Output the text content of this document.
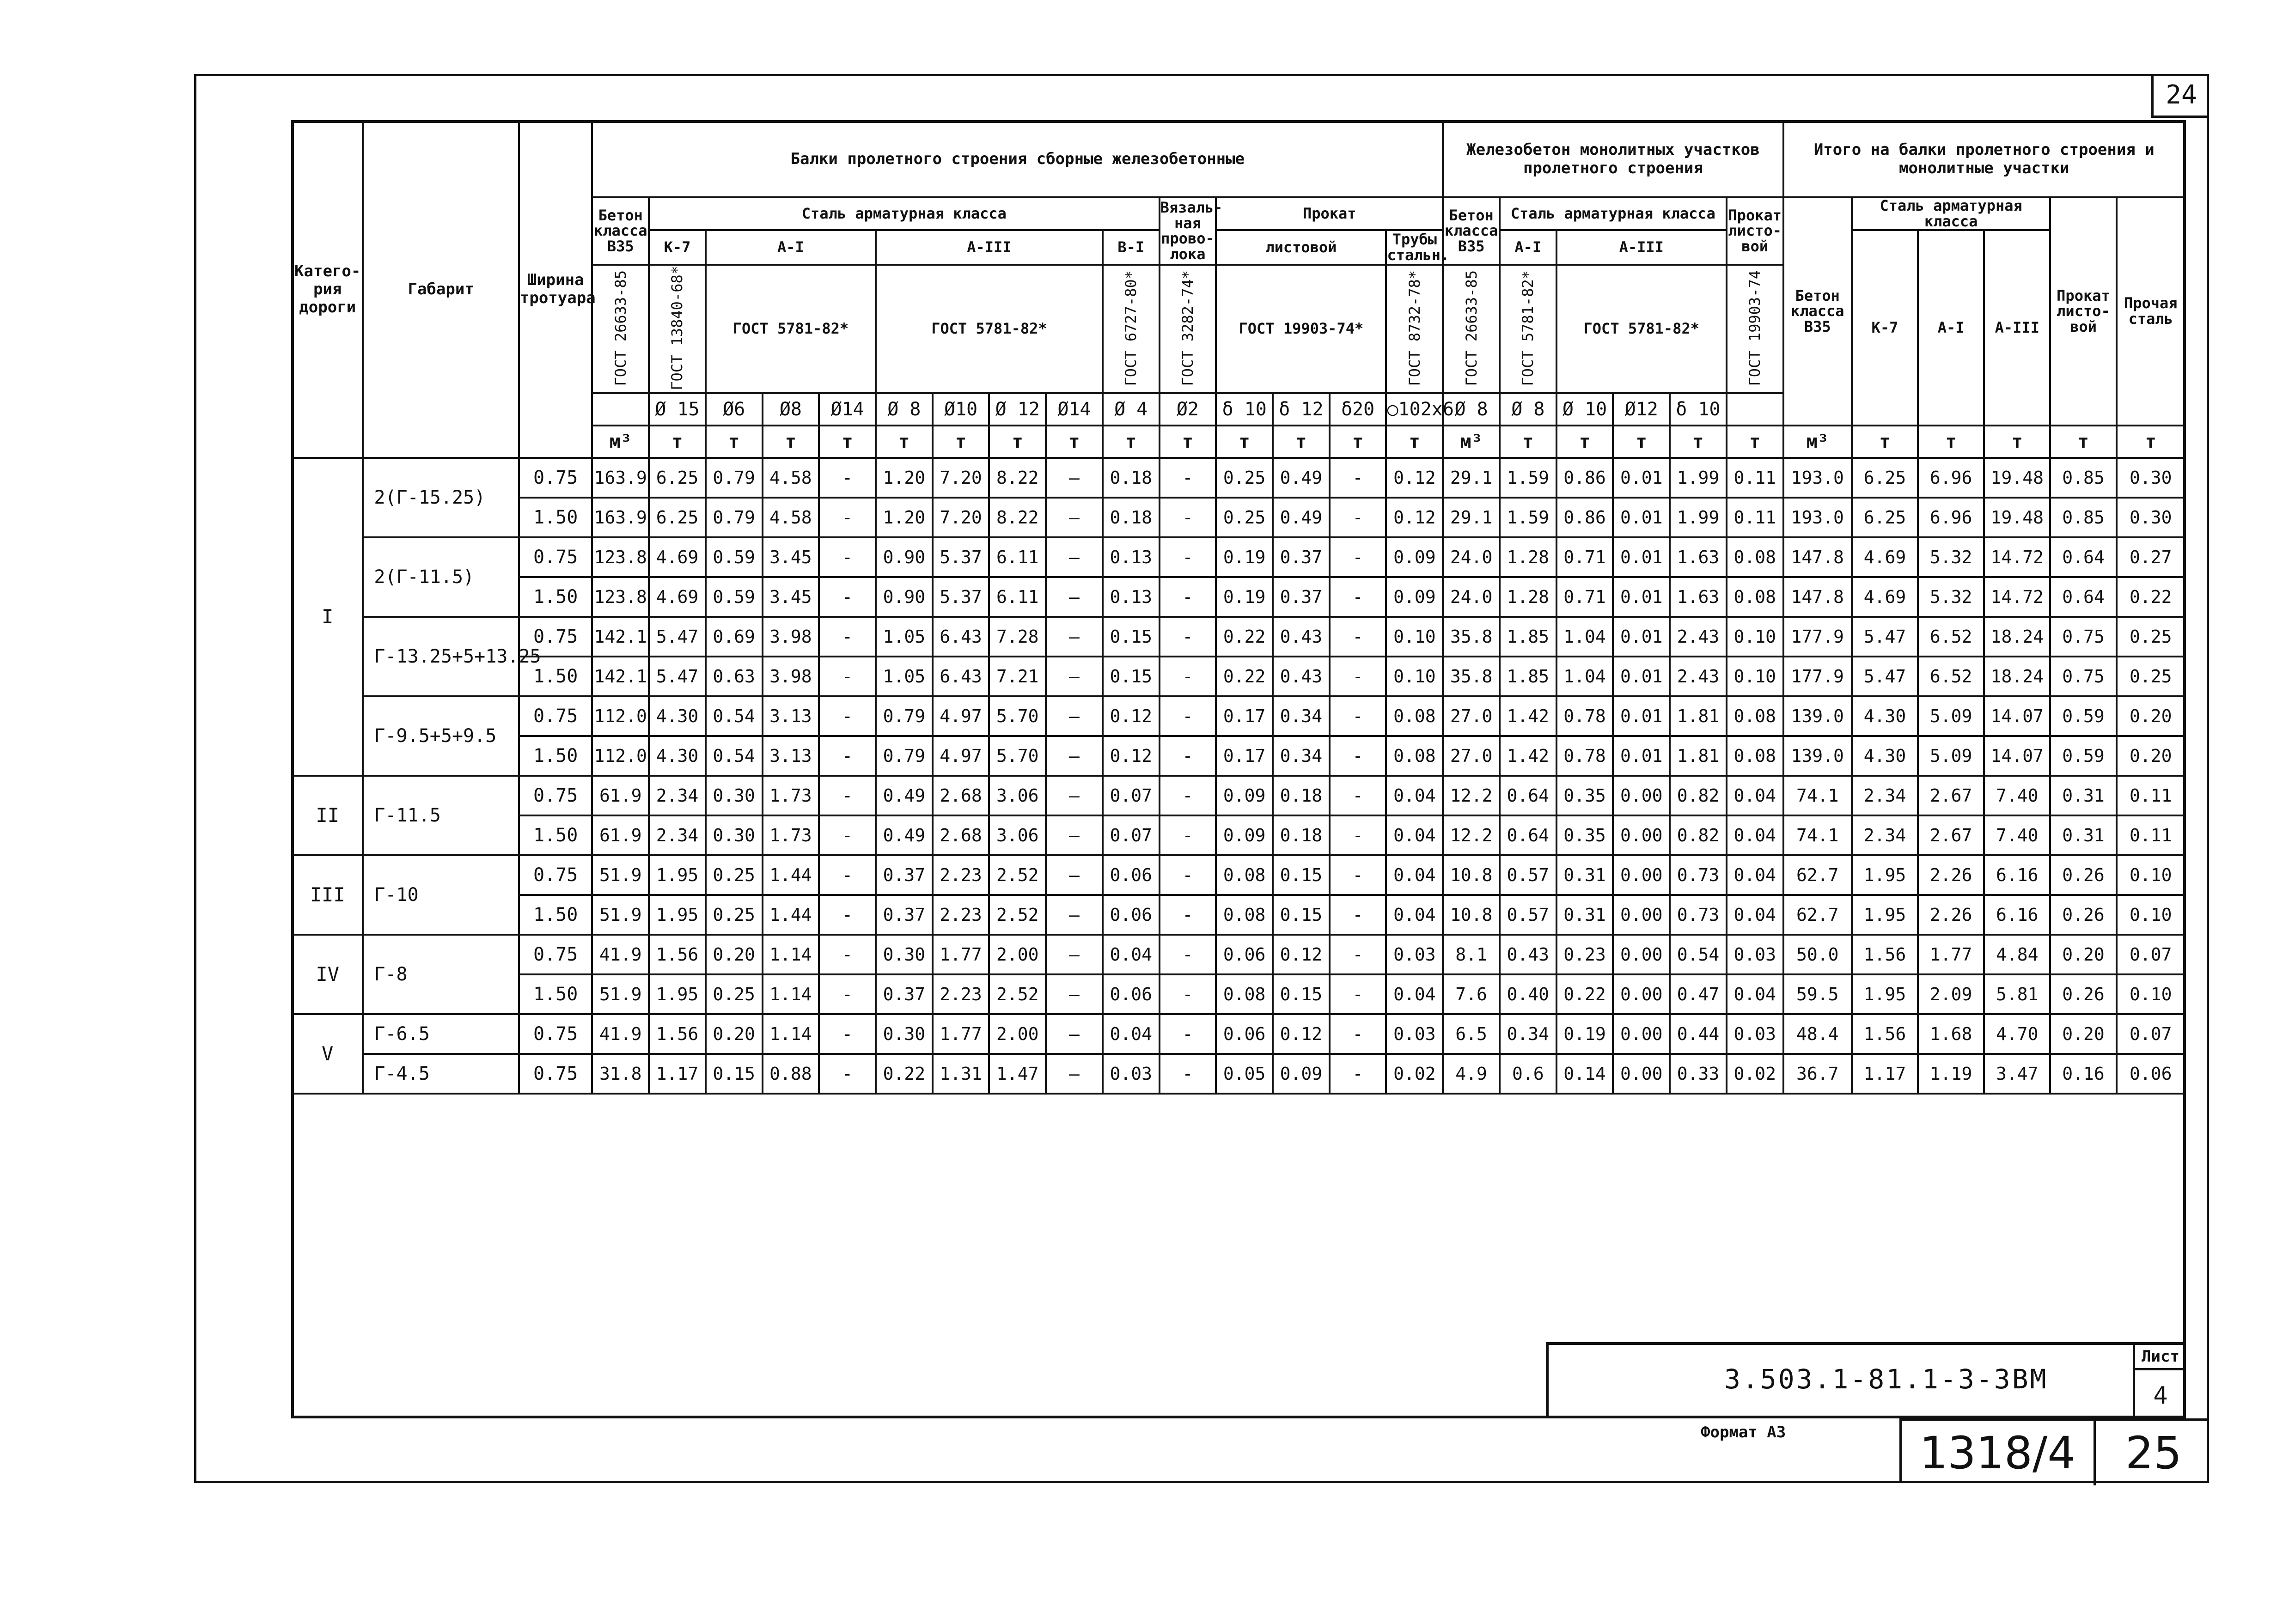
24
Катего-рия дороги	Габарит	Ширина тротуара	Балки пролетного строения сборные железобетонные															Железобетон монолитных участков пролетного строения						Итого на балки пролетного строения и монолитные участки					
			Бетон класса В35	Сталь арматурная класса									Вязаль-ная прово-лока	Прокат				Бетон класса В35	Сталь арматурная класса				Прокат листо-вой	Бетон класса В35	Сталь арматурная класса			Прокат листо-вой	Прочая сталь
				К-7	А-I			А-III				В-I		листовой			Трубы стальн.		А-I	А-III					К-7	А-I	А-III		
			ГОСТ 26633-85	ГОСТ 13840-68*	ГОСТ 5781-82*			ГОСТ 5781-82*				ГОСТ 6727-80*	ГОСТ 3282-74*	ГОСТ 19903-74*			ГОСТ 8732-78*	ГОСТ 26633-85	ГОСТ 5781-82*	ГОСТ 5781-82*			ГОСТ 19903-74						
				Ø 15	Ø6	Ø8	Ø14	Ø 8	Ø10	Ø 12	Ø14	Ø 4	Ø2	δ 10	δ 12	δ20	○102х6	Ø 8	Ø 8	Ø 10	Ø12	δ 10							
			м³	т	т	т	т	т	т	т	т	т	т	т	т	т	т	м³	т	т	т	т	т	м³	т	т	т	т	т
I	2(Г-15.25)	0.75	163.9	6.25	0.79	4.58	-	1.20	7.20	8.22	–	0.18	-	0.25	0.49	-	0.12	29.1	1.59	0.86	0.01	1.99	0.11	193.0	6.25	6.96	19.48	0.85	0.30
		1.50	163.9	6.25	0.79	4.58	-	1.20	7.20	8.22	–	0.18	-	0.25	0.49	-	0.12	29.1	1.59	0.86	0.01	1.99	0.11	193.0	6.25	6.96	19.48	0.85	0.30
	2(Г-11.5)	0.75	123.8	4.69	0.59	3.45	-	0.90	5.37	6.11	–	0.13	-	0.19	0.37	-	0.09	24.0	1.28	0.71	0.01	1.63	0.08	147.8	4.69	5.32	14.72	0.64	0.27
		1.50	123.8	4.69	0.59	3.45	-	0.90	5.37	6.11	–	0.13	-	0.19	0.37	-	0.09	24.0	1.28	0.71	0.01	1.63	0.08	147.8	4.69	5.32	14.72	0.64	0.22
	Г-13.25+5+13.25	0.75	142.1	5.47	0.69	3.98	-	1.05	6.43	7.28	–	0.15	-	0.22	0.43	-	0.10	35.8	1.85	1.04	0.01	2.43	0.10	177.9	5.47	6.52	18.24	0.75	0.25
		1.50	142.1	5.47	0.63	3.98	-	1.05	6.43	7.21	–	0.15	-	0.22	0.43	-	0.10	35.8	1.85	1.04	0.01	2.43	0.10	177.9	5.47	6.52	18.24	0.75	0.25
	Г-9.5+5+9.5	0.75	112.0	4.30	0.54	3.13	-	0.79	4.97	5.70	–	0.12	-	0.17	0.34	-	0.08	27.0	1.42	0.78	0.01	1.81	0.08	139.0	4.30	5.09	14.07	0.59	0.20
		1.50	112.0	4.30	0.54	3.13	-	0.79	4.97	5.70	–	0.12	-	0.17	0.34	-	0.08	27.0	1.42	0.78	0.01	1.81	0.08	139.0	4.30	5.09	14.07	0.59	0.20
II	Г-11.5	0.75	61.9	2.34	0.30	1.73	-	0.49	2.68	3.06	–	0.07	-	0.09	0.18	-	0.04	12.2	0.64	0.35	0.00	0.82	0.04	74.1	2.34	2.67	7.40	0.31	0.11
		1.50	61.9	2.34	0.30	1.73	-	0.49	2.68	3.06	–	0.07	-	0.09	0.18	-	0.04	12.2	0.64	0.35	0.00	0.82	0.04	74.1	2.34	2.67	7.40	0.31	0.11
III	Г-10	0.75	51.9	1.95	0.25	1.44	-	0.37	2.23	2.52	–	0.06	-	0.08	0.15	-	0.04	10.8	0.57	0.31	0.00	0.73	0.04	62.7	1.95	2.26	6.16	0.26	0.10
		1.50	51.9	1.95	0.25	1.44	-	0.37	2.23	2.52	–	0.06	-	0.08	0.15	-	0.04	10.8	0.57	0.31	0.00	0.73	0.04	62.7	1.95	2.26	6.16	0.26	0.10
IV	Г-8	0.75	41.9	1.56	0.20	1.14	-	0.30	1.77	2.00	–	0.04	-	0.06	0.12	-	0.03	8.1	0.43	0.23	0.00	0.54	0.03	50.0	1.56	1.77	4.84	0.20	0.07
		1.50	51.9	1.95	0.25	1.14	-	0.37	2.23	2.52	–	0.06	-	0.08	0.15	-	0.04	7.6	0.40	0.22	0.00	0.47	0.04	59.5	1.95	2.09	5.81	0.26	0.10
V	Г-6.5	0.75	41.9	1.56	0.20	1.14	-	0.30	1.77	2.00	–	0.04	-	0.06	0.12	-	0.03	6.5	0.34	0.19	0.00	0.44	0.03	48.4	1.56	1.68	4.70	0.20	0.07
	Г-4.5	0.75	31.8	1.17	0.15	0.88	-	0.22	1.31	1.47	–	0.03	-	0.05	0.09	-	0.02	4.9	0.6	0.14	0.00	0.33	0.02	36.7	1.17	1.19	3.47	0.16	0.06
3.503.1-81.1-3-3ВМ
Лист
4
Формат А3	1318/4	25
